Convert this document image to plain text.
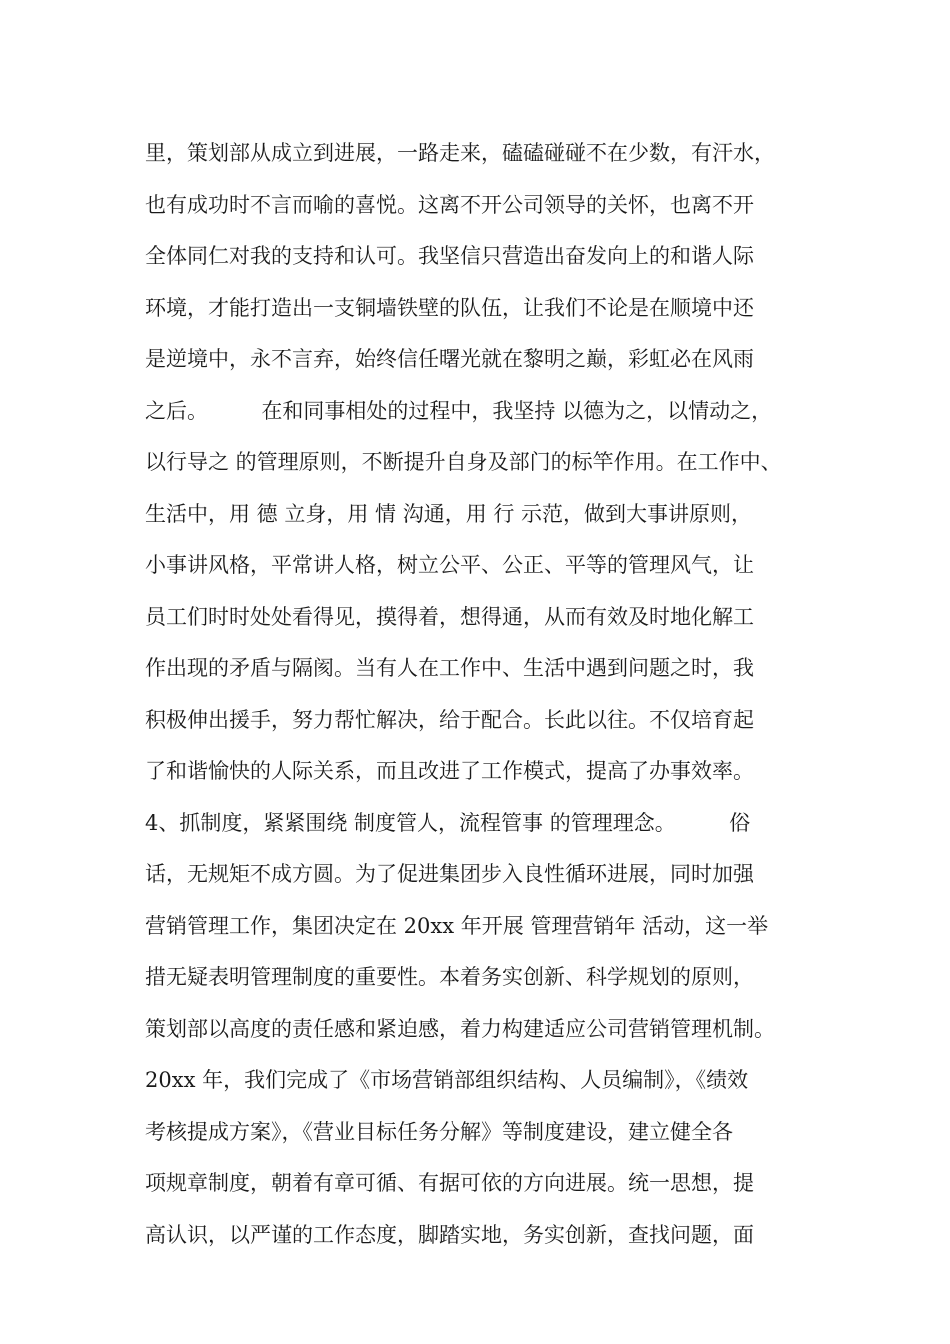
里，策划部从成立到进展，一路走来，磕磕碰碰不在少数，有汗水，
也有成功时不言而喻的喜悦。这离不开公司领导的关怀，也离不开
全体同仁对我的支持和认可。我坚信只营造出奋发向上的和谐人际
环境，才能打造出一支铜墙铁壁的队伍，让我们不论是在顺境中还
是逆境中，永不言弃，始终信任曙光就在黎明之巅，彩虹必在风雨
之后。        在和同事相处的过程中，我坚持 以德为之，以情动之，
以行导之 的管理原则，不断提升自身及部门的标竿作用。在工作中、
生活中，用 德 立身，用 情 沟通，用 行 示范，做到大事讲原则，
小事讲风格，平常讲人格，树立公平、公正、平等的管理风气，让
员工们时时处处看得见，摸得着，想得通，从而有效及时地化解工
作出现的矛盾与隔阂。当有人在工作中、生活中遇到问题之时，我
积极伸出援手，努力帮忙解决，给于配合。长此以往。不仅培育起
了和谐愉快的人际关系，而且改进了工作模式，提高了办事效率。
4、抓制度，紧紧围绕 制度管人，流程管事 的管理理念。        俗
话，无规矩不成方圆。为了促进集团步入良性循环进展，同时加强
营销管理工作，集团决定在 20xx 年开展 管理营销年 活动，这一举
措无疑表明管理制度的重要性。本着务实创新、科学规划的原则，
策划部以高度的责任感和紧迫感，着力构建适应公司营销管理机制。
20xx 年，我们完成了《市场营销部组织结构、人员编制》，《绩效
考核提成方案》，《营业目标任务分解》等制度建设，建立健全各
项规章制度，朝着有章可循、有据可依的方向进展。统一思想，提
高认识，以严谨的工作态度，脚踏实地，务实创新，查找问题，面
